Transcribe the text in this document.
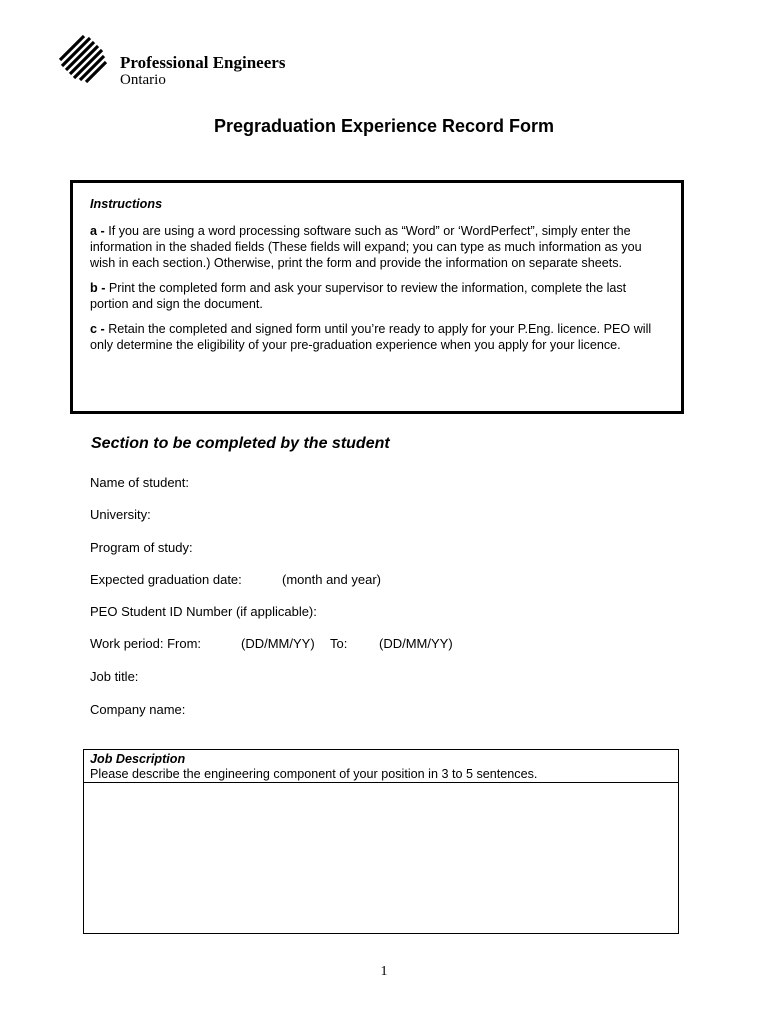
Professional Engineers
Ontario
Pregraduation Experience Record Form

Instructions

a - If you are using a word processing software such as “Word” or ‘WordPerfect”, simply enter the information in the shaded fields (These fields will expand; you can type as much information as you wish in each section.) Otherwise, print the form and provide the information on separate sheets.

b - Print the completed form and ask your supervisor to review the information, complete the last portion and sign the document.

c - Retain the completed and signed form until you’re ready to apply for your P.Eng. licence. PEO will only determine the eligibility of your pre-graduation experience when you apply for your licence.

Section to be completed by the student
Name of student:
University:
Program of study:
Expected graduation date:	(month and year)
PEO Student ID Number (if applicable):
Work period: From:	(DD/MM/YY) To: (DD/MM/YY)
Job title:
Company name:
Job Description
Please describe the engineering component of your position in 3 to 5 sentences.
1
